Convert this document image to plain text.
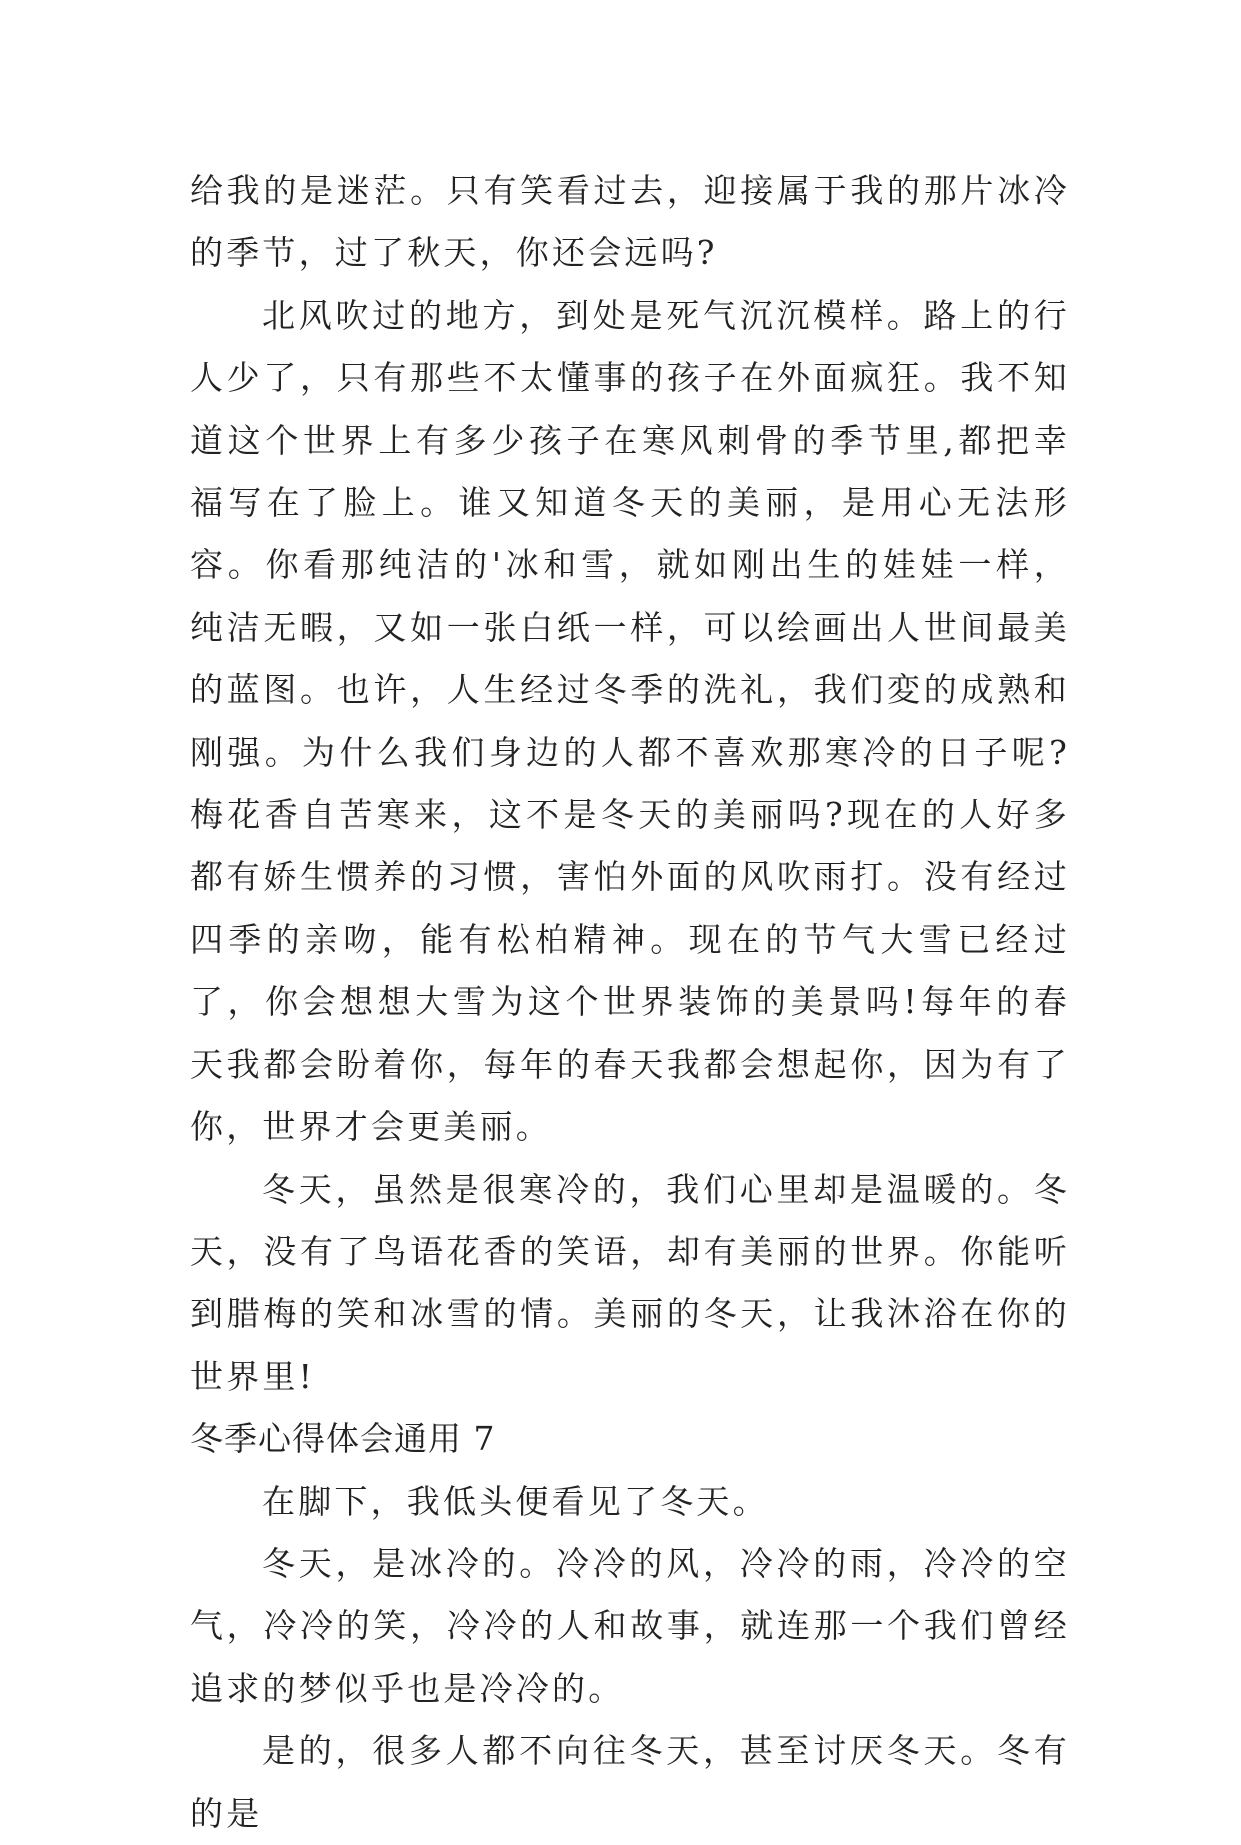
给我的是迷茫。只有笑看过去，迎接属于我的那片冰冷的季节，过了秋天，你还会远吗?

北风吹过的地方，到处是死气沉沉模样。路上的行人少了，只有那些不太懂事的孩子在外面疯狂。我不知道这个世界上有多少孩子在寒风刺骨的季节里,都把幸福写在了脸上。谁又知道冬天的美丽，是用心无法形容。你看那纯洁的'冰和雪，就如刚出生的娃娃一样，纯洁无暇，又如一张白纸一样，可以绘画出人世间最美的蓝图。也许，人生经过冬季的洗礼，我们変的成熟和刚强。为什么我们身边的人都不喜欢那寒冷的日子呢?梅花香自苦寒来，这不是冬天的美丽吗?现在的人好多都有娇生惯养的习惯，害怕外面的风吹雨打。没有经过四季的亲吻，能有松柏精神。现在的节气大雪已经过了，你会想想大雪为这个世界装饰的美景吗!每年的春天我都会盼着你，每年的春天我都会想起你，因为有了你，世界才会更美丽。

冬天，虽然是很寒冷的，我们心里却是温暖的。冬天，没有了鸟语花香的笑语，却有美丽的世界。你能听到腊梅的笑和冰雪的情。美丽的冬天，让我沐浴在你的世界里!

冬季心得体会通用 7

在脚下，我低头便看见了冬天。

冬天，是冰冷的。冷冷的风，冷冷的雨，冷冷的空气，冷冷的笑，冷冷的人和故事，就连那一个我们曾经追求的梦似乎也是冷冷的。

是的，很多人都不向往冬天，甚至讨厌冬天。冬有的是
